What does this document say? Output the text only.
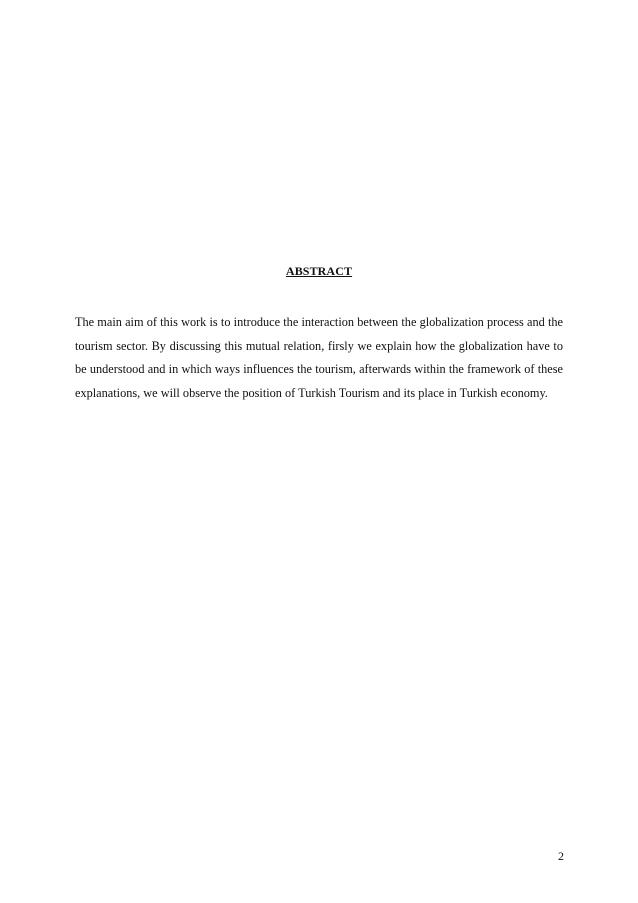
ABSTRACT

The main aim of this work is to introduce the interaction between the globalization process and the tourism sector. By discussing this mutual relation, firsly we explain how the globalization have to be understood and in which ways influences the tourism, afterwards within the framework of these explanations, we will observe the position of Turkish Tourism and its place in Turkish economy.

2
